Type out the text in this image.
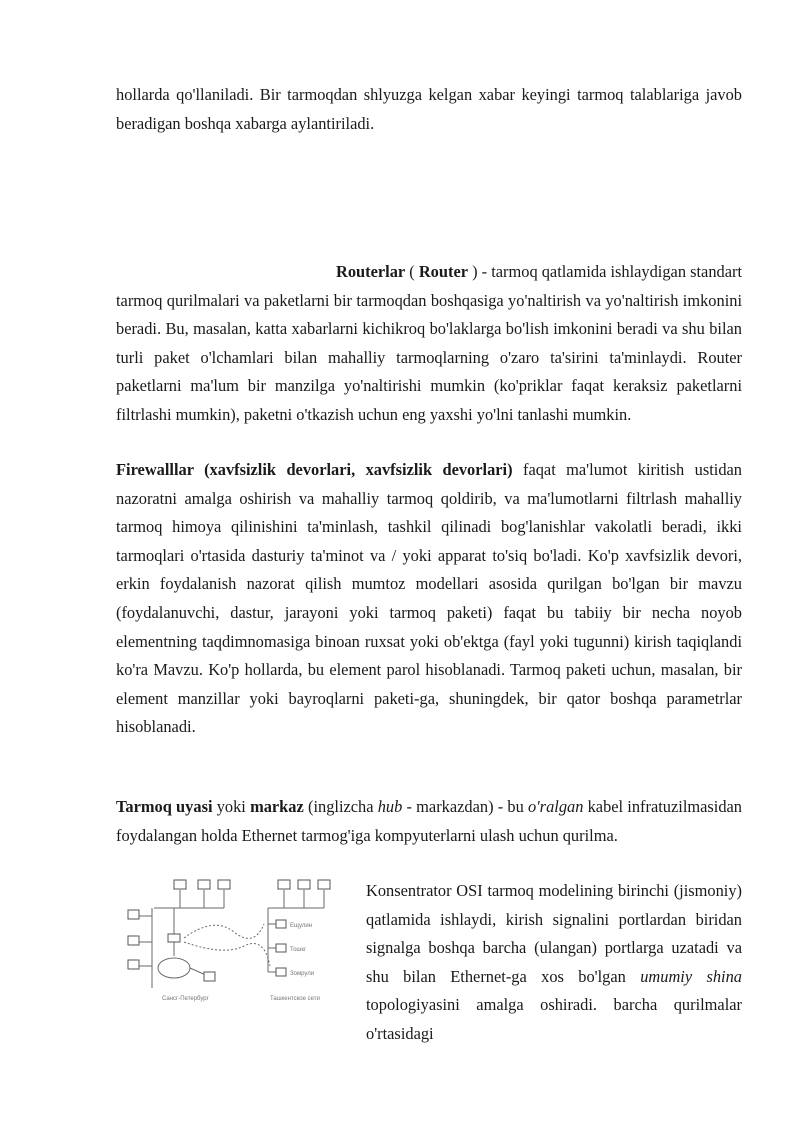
hollarda qo'llaniladi. Bir tarmoqdan shlyuzga kelgan xabar keyingi tarmoq talablariga javob beradigan boshqa xabarga aylantiriladi.

Routerlar ( Router ) - tarmoq qatlamida ishlaydigan standart tarmoq qurilmalari va paketlarni bir tarmoqdan boshqasiga yo'naltirish va yo'naltirish imkonini beradi. Bu, masalan, katta xabarlarni kichikroq bo'laklarga bo'lish imkonini beradi va shu bilan turli paket o'lchamlari bilan mahalliy tarmoqlarning o'zaro ta'sirini ta'minlaydi. Router paketlarni ma'lum bir manzilga yo'naltirishi mumkin (ko'priklar faqat keraksiz paketlarni filtrlashi mumkin), paketni o'tkazish uchun eng yaxshi yo'lni tanlashi mumkin.

Firewalllar (xavfsizlik devorlari, xavfsizlik devorlari) faqat ma'lumot kiritish ustidan nazoratni amalga oshirish va mahalliy tarmoq qoldirib, va ma'lumotlarni filtrlash mahalliy tarmoq himoya qilinishini ta'minlash, tashkil qilinadi bog'lanishlar vakolatli beradi, ikki tarmoqlari o'rtasida dasturiy ta'minot va / yoki apparat to'siq bo'ladi. Ko'p xavfsizlik devori, erkin foydalanish nazorat qilish mumtoz modellari asosida qurilgan bo'lgan bir mavzu (foydalanuvchi, dastur, jarayoni yoki tarmoq paketi) faqat bu tabiiy bir necha noyob elementning taqdimnomasiga binoan ruxsat yoki ob'ektga (fayl yoki tugunni) kirish taqiqlandi ko'ra Mavzu. Ko'p hollarda, bu element parol hisoblanadi. Tarmoq paketi uchun, masalan, bir element manzillar yoki bayroqlarni paketi-ga, shuningdek, bir qator boshqa parametrlar hisoblanadi.

Tarmoq uyasi yoki markaz (inglizcha hub - markazdan) - bu o'ralgan kabel infratuzilmasidan foydalangan holda Ethernet tarmog'iga kompyuterlarni ulash uchun qurilma.

Ещулин
Тошкг
Зомрули
Сансг-Петербург	Ташкентское сети

Konsentrator OSI tarmoq modelining birinchi (jismoniy) qatlamida ishlaydi, kirish signalini portlardan biridan signalga boshqa barcha (ulangan) portlarga uzatadi va shu bilan Ethernet-ga xos bo'lgan umumiy shina topologiyasini amalga oshiradi. barcha qurilmalar o'rtasidagi
